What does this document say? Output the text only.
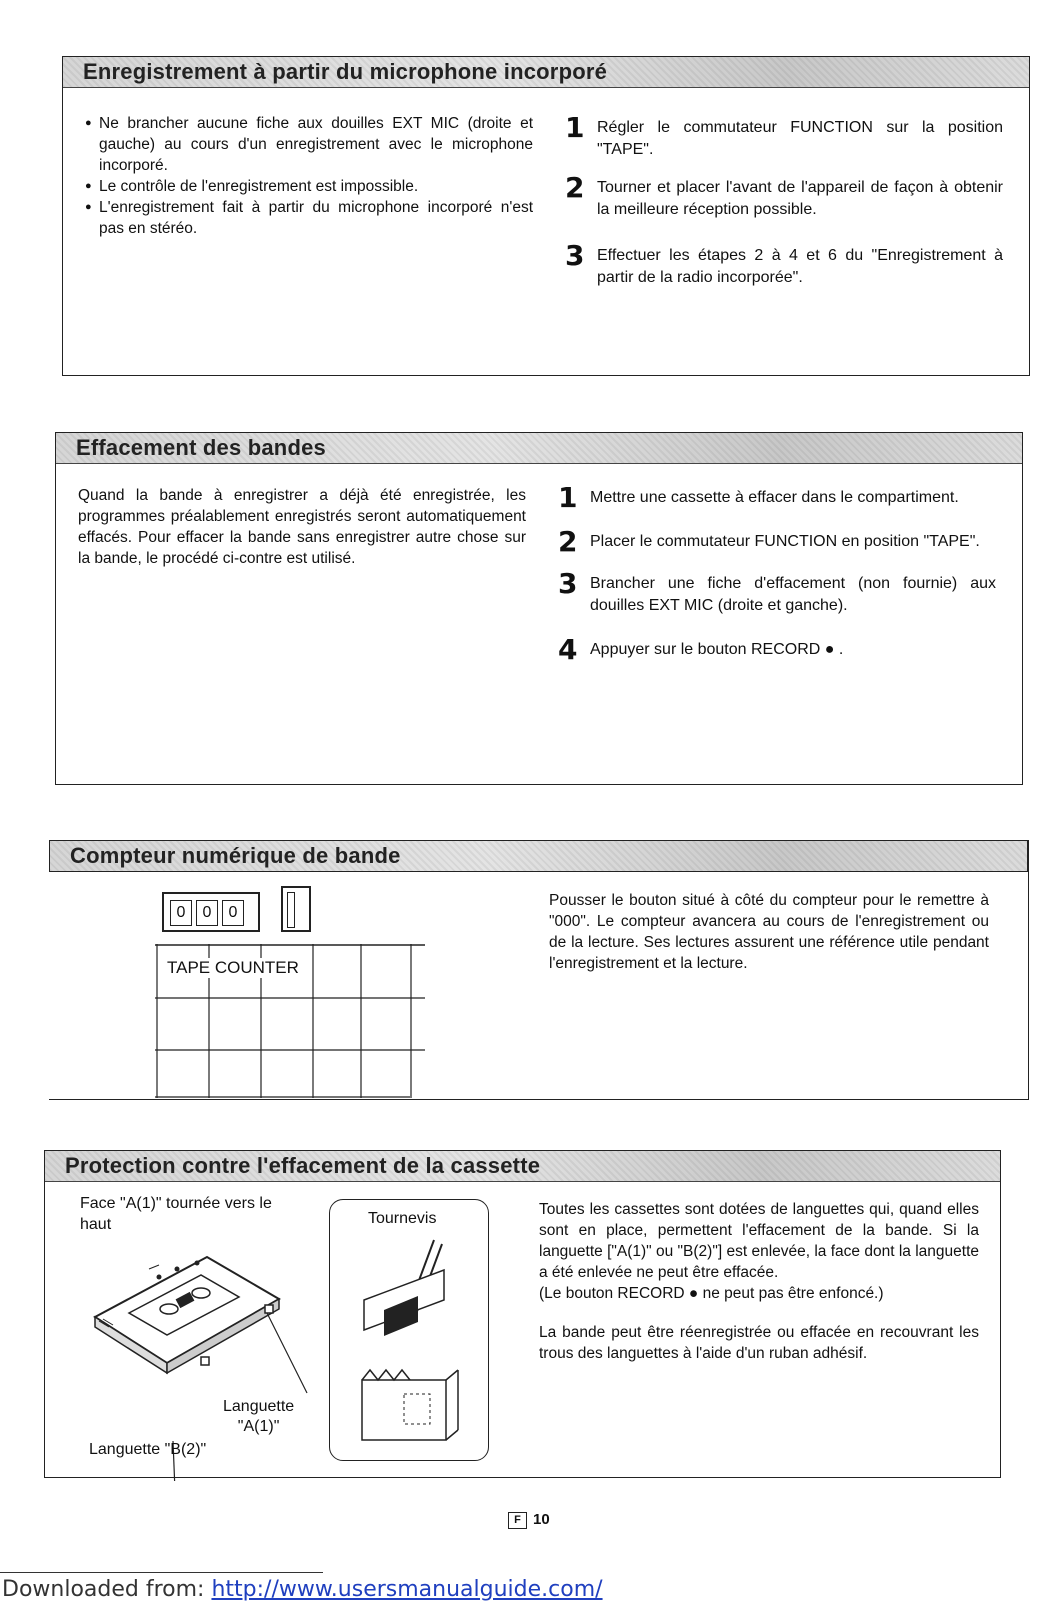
Enregistrement à partir du microphone incorporé
● Ne brancher aucune fiche aux douilles EXT MIC (droite et gauche) au cours d'un enregistrement avec le microphone incorporé.
● Le contrôle de l'enregistrement est impossible.
● L'enregistrement fait à partir du microphone incorporé n'est pas en stéréo.
1 Régler le commutateur FUNCTION sur la position "TAPE".
2 Tourner et placer l'avant de l'appareil de façon à obtenir la meilleure réception possible.
3 Effectuer les étapes 2 à 4 et 6 du "Enregistrement à partir de la radio incorporée".
Effacement des bandes
Quand la bande à enregistrer a déjà été enregistrée, les programmes préalablement enregistrés seront automatiquement effacés. Pour effacer la bande sans enregistrer autre chose sur la bande, le procédé ci-contre est utilisé.
1 Mettre une cassette à effacer dans le compartiment.
2 Placer le commutateur FUNCTION en position "TAPE".
3 Brancher une fiche d'effacement (non fournie) aux douilles EXT MIC (droite et ganche).
4 Appuyer sur le bouton RECORD ● .
Compteur numérique de bande
0	0	0
TAPE COUNTER
Pousser le bouton situé à côté du compteur pour le remettre à "000". Le compteur avancera au cours de l'enregistrement ou de la lecture. Ses lectures assurent une référence utile pendant l'enregistrement et la lecture.
Protection contre l'effacement de la cassette
Face "A(1)" tournée vers le haut
Languette
"A(1)"
Languette "B(2)"
Tournevis
Toutes les cassettes sont dotées de languettes qui, quand elles sont en place, permettent l'effacement de la bande. Si la languette ["A(1)" ou "B(2)"] est enlevée, la face dont la languette a été enlevée ne peut être effacée.
(Le bouton RECORD ● ne peut pas être enfoncé.)
La bande peut être réenregistrée ou effacée en recouvrant les trous des languettes à l'aide d'un ruban adhésif.
F 10
Downloaded from: http://www.usersmanualguide.com/
